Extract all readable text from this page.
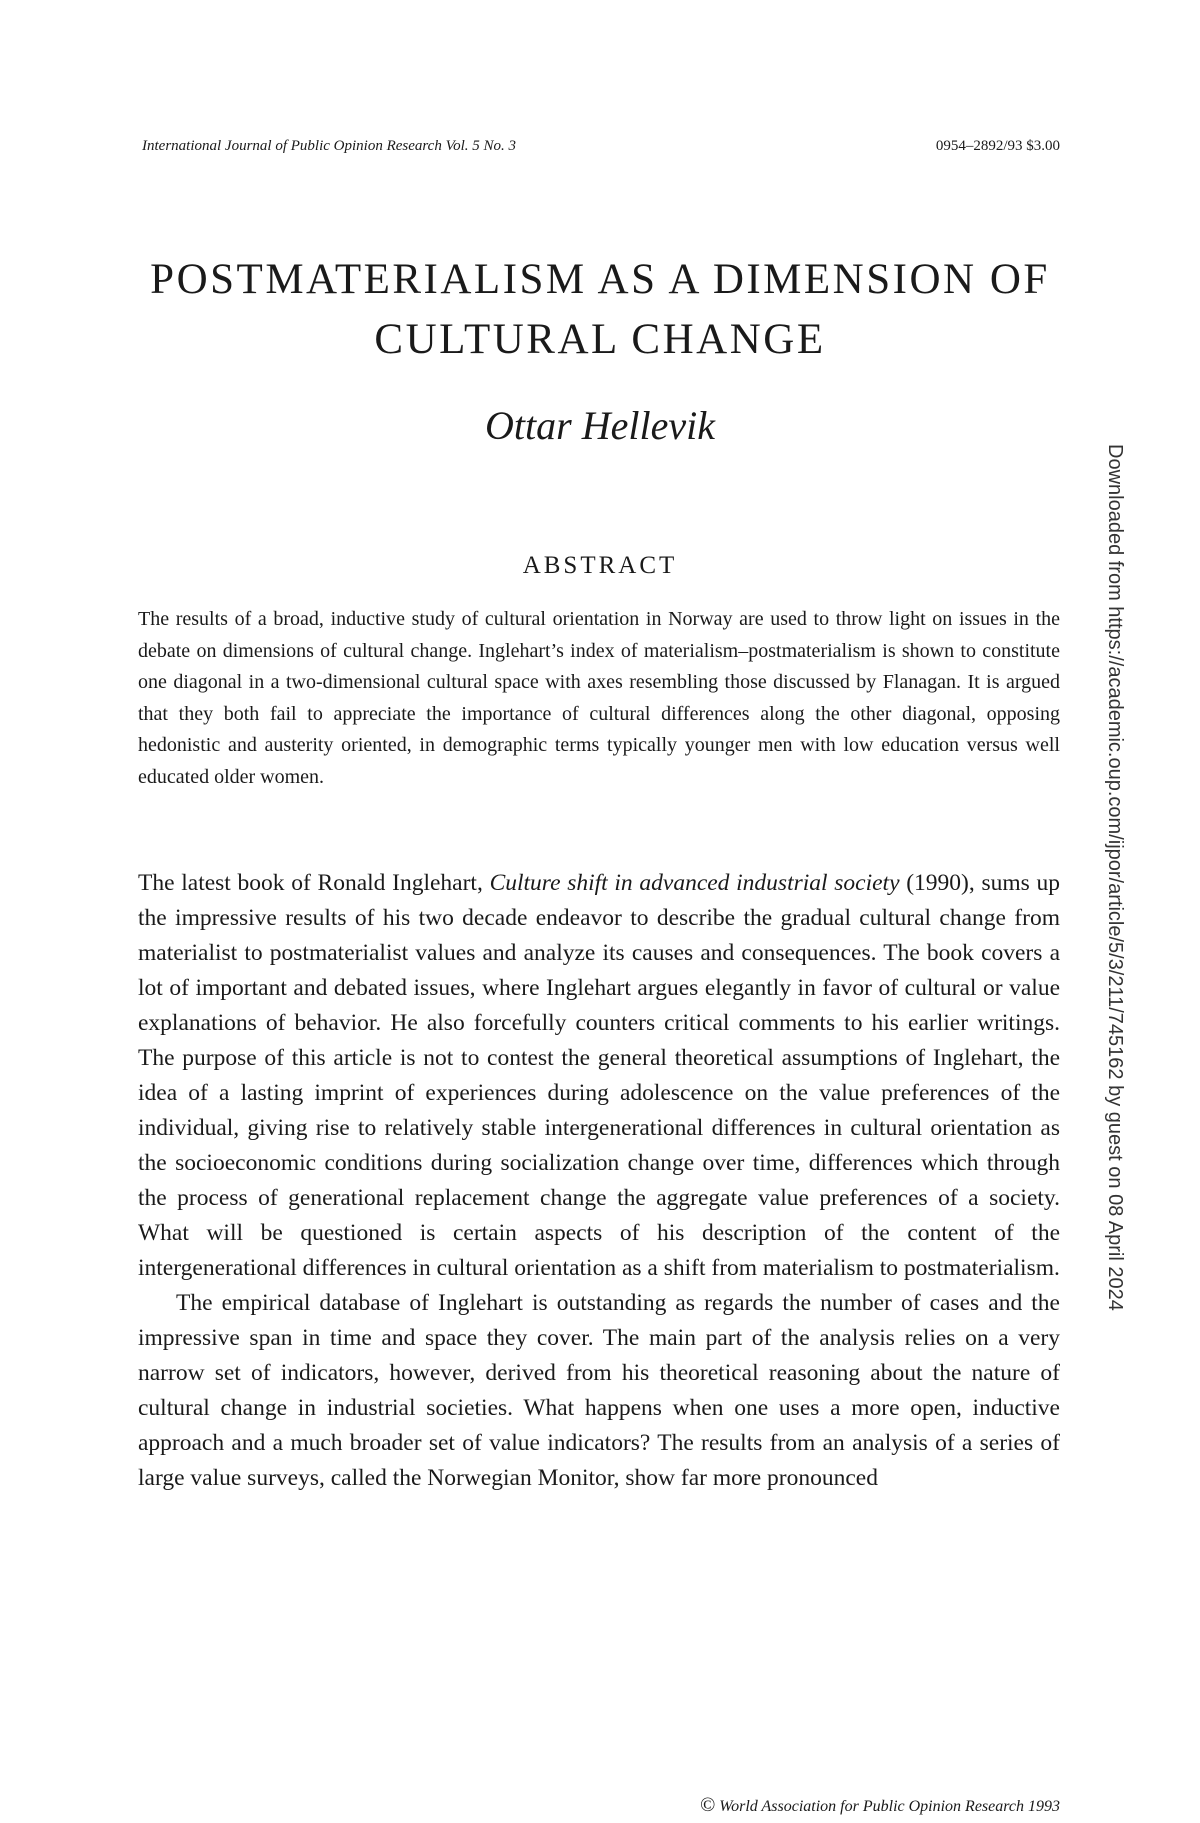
International Journal of Public Opinion Research Vol. 5 No. 3	0954–2892/93 $3.00
POSTMATERIALISM AS A DIMENSION OF CULTURAL CHANGE
Ottar Hellevik
ABSTRACT

The results of a broad, inductive study of cultural orientation in Norway are used to throw light on issues in the debate on dimensions of cultural change. Inglehart’s index of materialism–postmaterialism is shown to constitute one diagonal in a two-dimensional cultural space with axes resembling those discussed by Flanagan. It is argued that they both fail to appreciate the importance of cultural differences along the other diagonal, opposing hedonistic and austerity oriented, in demographic terms typically younger men with low education versus well educated older women.

The latest book of Ronald Inglehart, Culture shift in advanced industrial society (1990), sums up the impressive results of his two decade endeavor to describe the gradual cultural change from materialist to postmaterialist values and analyze its causes and consequences. The book covers a lot of important and debated issues, where Inglehart argues elegantly in favor of cultural or value explanations of behavior. He also forcefully counters critical comments to his earlier writings. The purpose of this article is not to contest the general theoretical assumptions of Inglehart, the idea of a lasting imprint of experiences during adolescence on the value preferences of the individual, giving rise to relatively stable intergenerational differences in cultural orientation as the socioeconomic conditions during socialization change over time, differences which through the process of generational replacement change the aggregate value preferences of a society. What will be questioned is certain aspects of his description of the content of the intergenerational differences in cultural orientation as a shift from materialism to postmaterialism.

The empirical database of Inglehart is outstanding as regards the number of cases and the impressive span in time and space they cover. The main part of the analysis relies on a very narrow set of indicators, however, derived from his theoretical reasoning about the nature of cultural change in industrial societies. What happens when one uses a more open, inductive approach and a much broader set of value indicators? The results from an analysis of a series of large value surveys, called the Norwegian Monitor, show far more pronounced

© World Association for Public Opinion Research 1993
Downloaded from https://academic.oup.com/ijpor/article/5/3/211/745162 by guest on 08 April 2024
